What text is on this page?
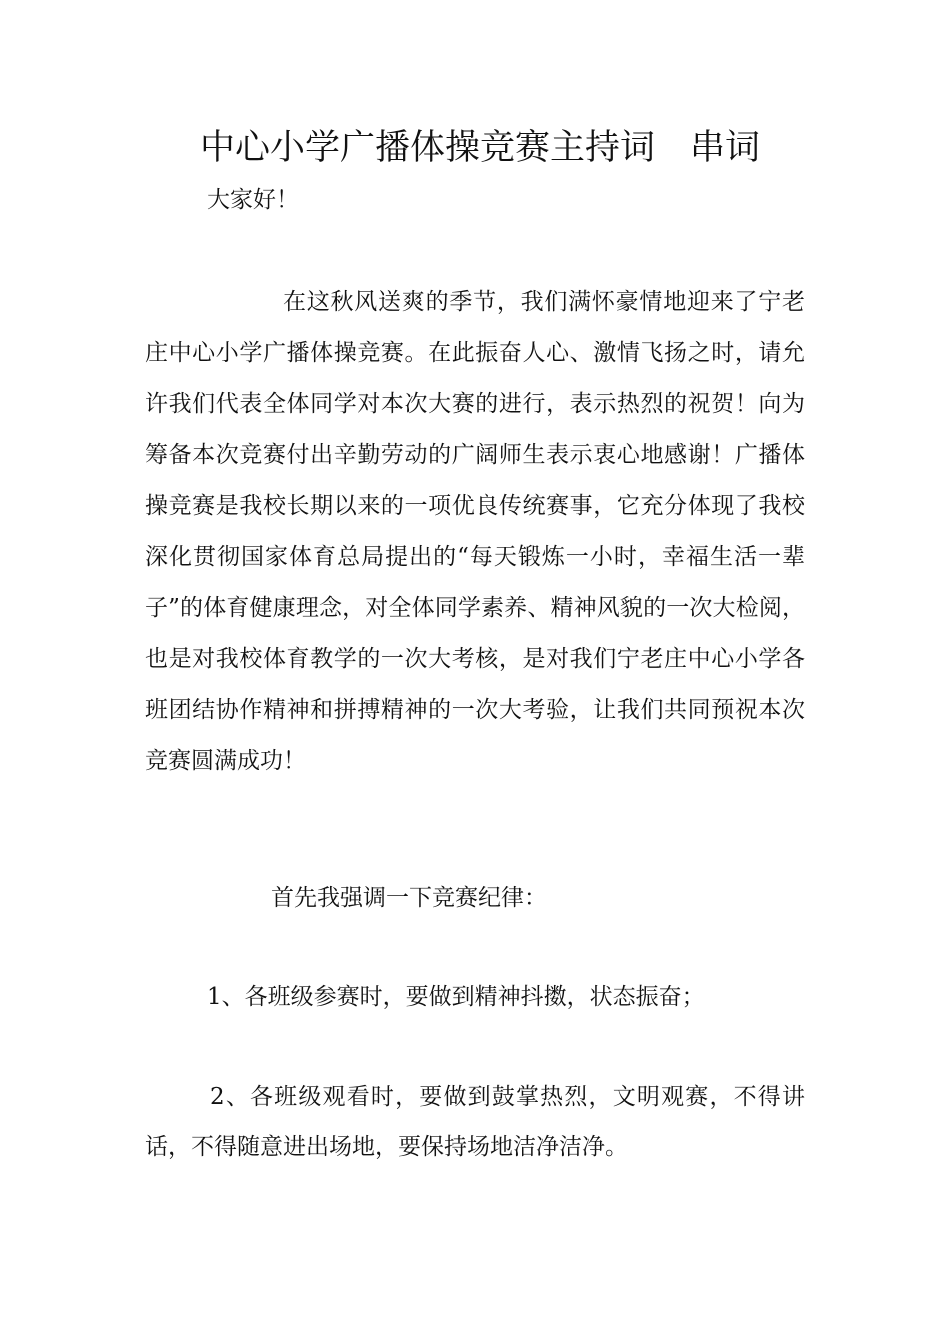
中心小学广播体操竞赛主持词　串词

大家好！

在这秋风送爽的季节，我们满怀豪情地迎来了宁老庄中心小学广播体操竞赛。在此振奋人心、激情飞扬之时，请允许我们代表全体同学对本次大赛的进行，表示热烈的祝贺！向为筹备本次竞赛付出辛勤劳动的广阔师生表示衷心地感谢！广播体操竞赛是我校长期以来的一项优良传统赛事，它充分体现了我校深化贯彻国家体育总局提出的“每天锻炼一小时，幸福生活一辈子”的体育健康理念，对全体同学素养、精神风貌的一次大检阅，也是对我校体育教学的一次大考核，是对我们宁老庄中心小学各班团结协作精神和拼搏精神的一次大考验，让我们共同预祝本次竞赛圆满成功！

首先我强调一下竞赛纪律：

1、各班级参赛时，要做到精神抖擞，状态振奋；

2、各班级观看时，要做到鼓掌热烈，文明观赛，不得讲话，不得随意进出场地，要保持场地洁净洁净。
